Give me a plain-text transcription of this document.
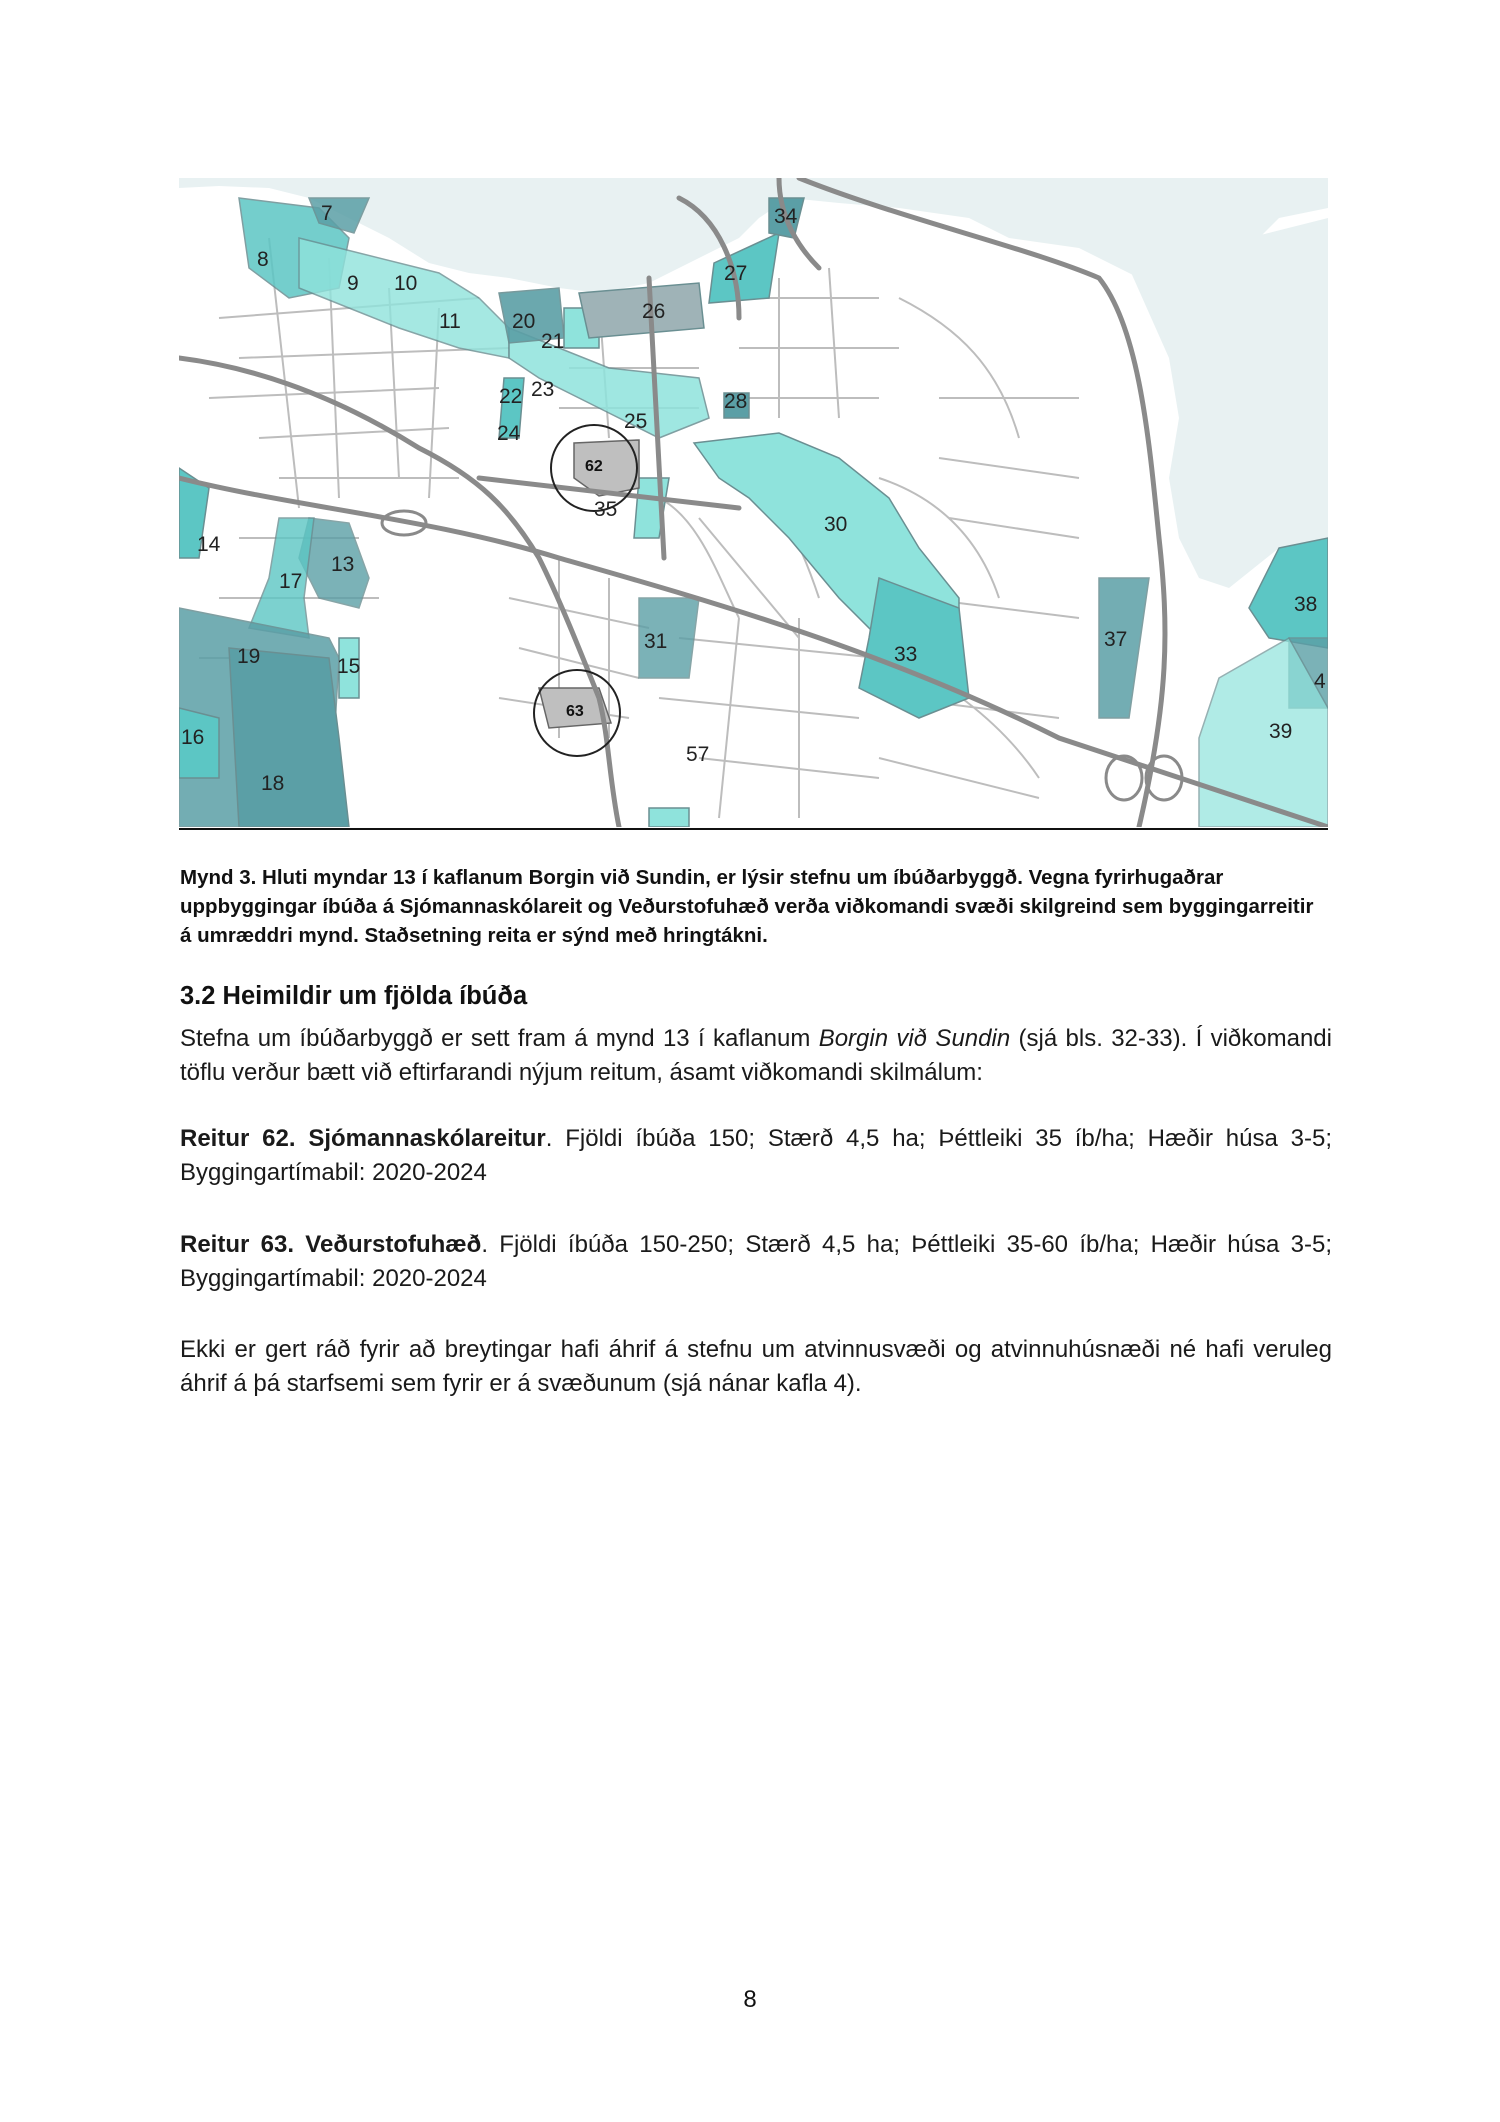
7
8
9 10
11 20
21
26
27
34
28
22 23
24
25
62
35
30
14
13
17
31
33
37
38
4
19	15
63
57
39
16
18
Mynd 3. Hluti myndar 13 í kaflanum Borgin við Sundin, er lýsir stefnu um íbúðarbyggð. Vegna fyrirhugaðrar uppbyggingar íbúða á Sjómannaskólareit og Veðurstofuhæð verða viðkomandi svæði skilgreind sem byggingarreitir á umræddri mynd. Staðsetning reita er sýnd með hringtákni.
3.2 Heimildir um fjölda íbúða
Stefna um íbúðarbyggð er sett fram á mynd 13 í kaflanum Borgin við Sundin (sjá bls. 32-33). Í viðkomandi töflu verður bætt við eftirfarandi nýjum reitum, ásamt viðkomandi skilmálum:
Reitur 62. Sjómannaskólareitur. Fjöldi íbúða 150; Stærð 4,5 ha; Þéttleiki 35 íb/ha; Hæðir húsa 3-5; Byggingartímabil: 2020-2024
Reitur 63. Veðurstofuhæð. Fjöldi íbúða 150-250; Stærð 4,5 ha; Þéttleiki 35-60 íb/ha; Hæðir húsa 3-5; Byggingartímabil: 2020-2024
Ekki er gert ráð fyrir að breytingar hafi áhrif á stefnu um atvinnusvæði og atvinnuhúsnæði né hafi veruleg áhrif á þá starfsemi sem fyrir er á svæðunum (sjá nánar kafla 4).
8
